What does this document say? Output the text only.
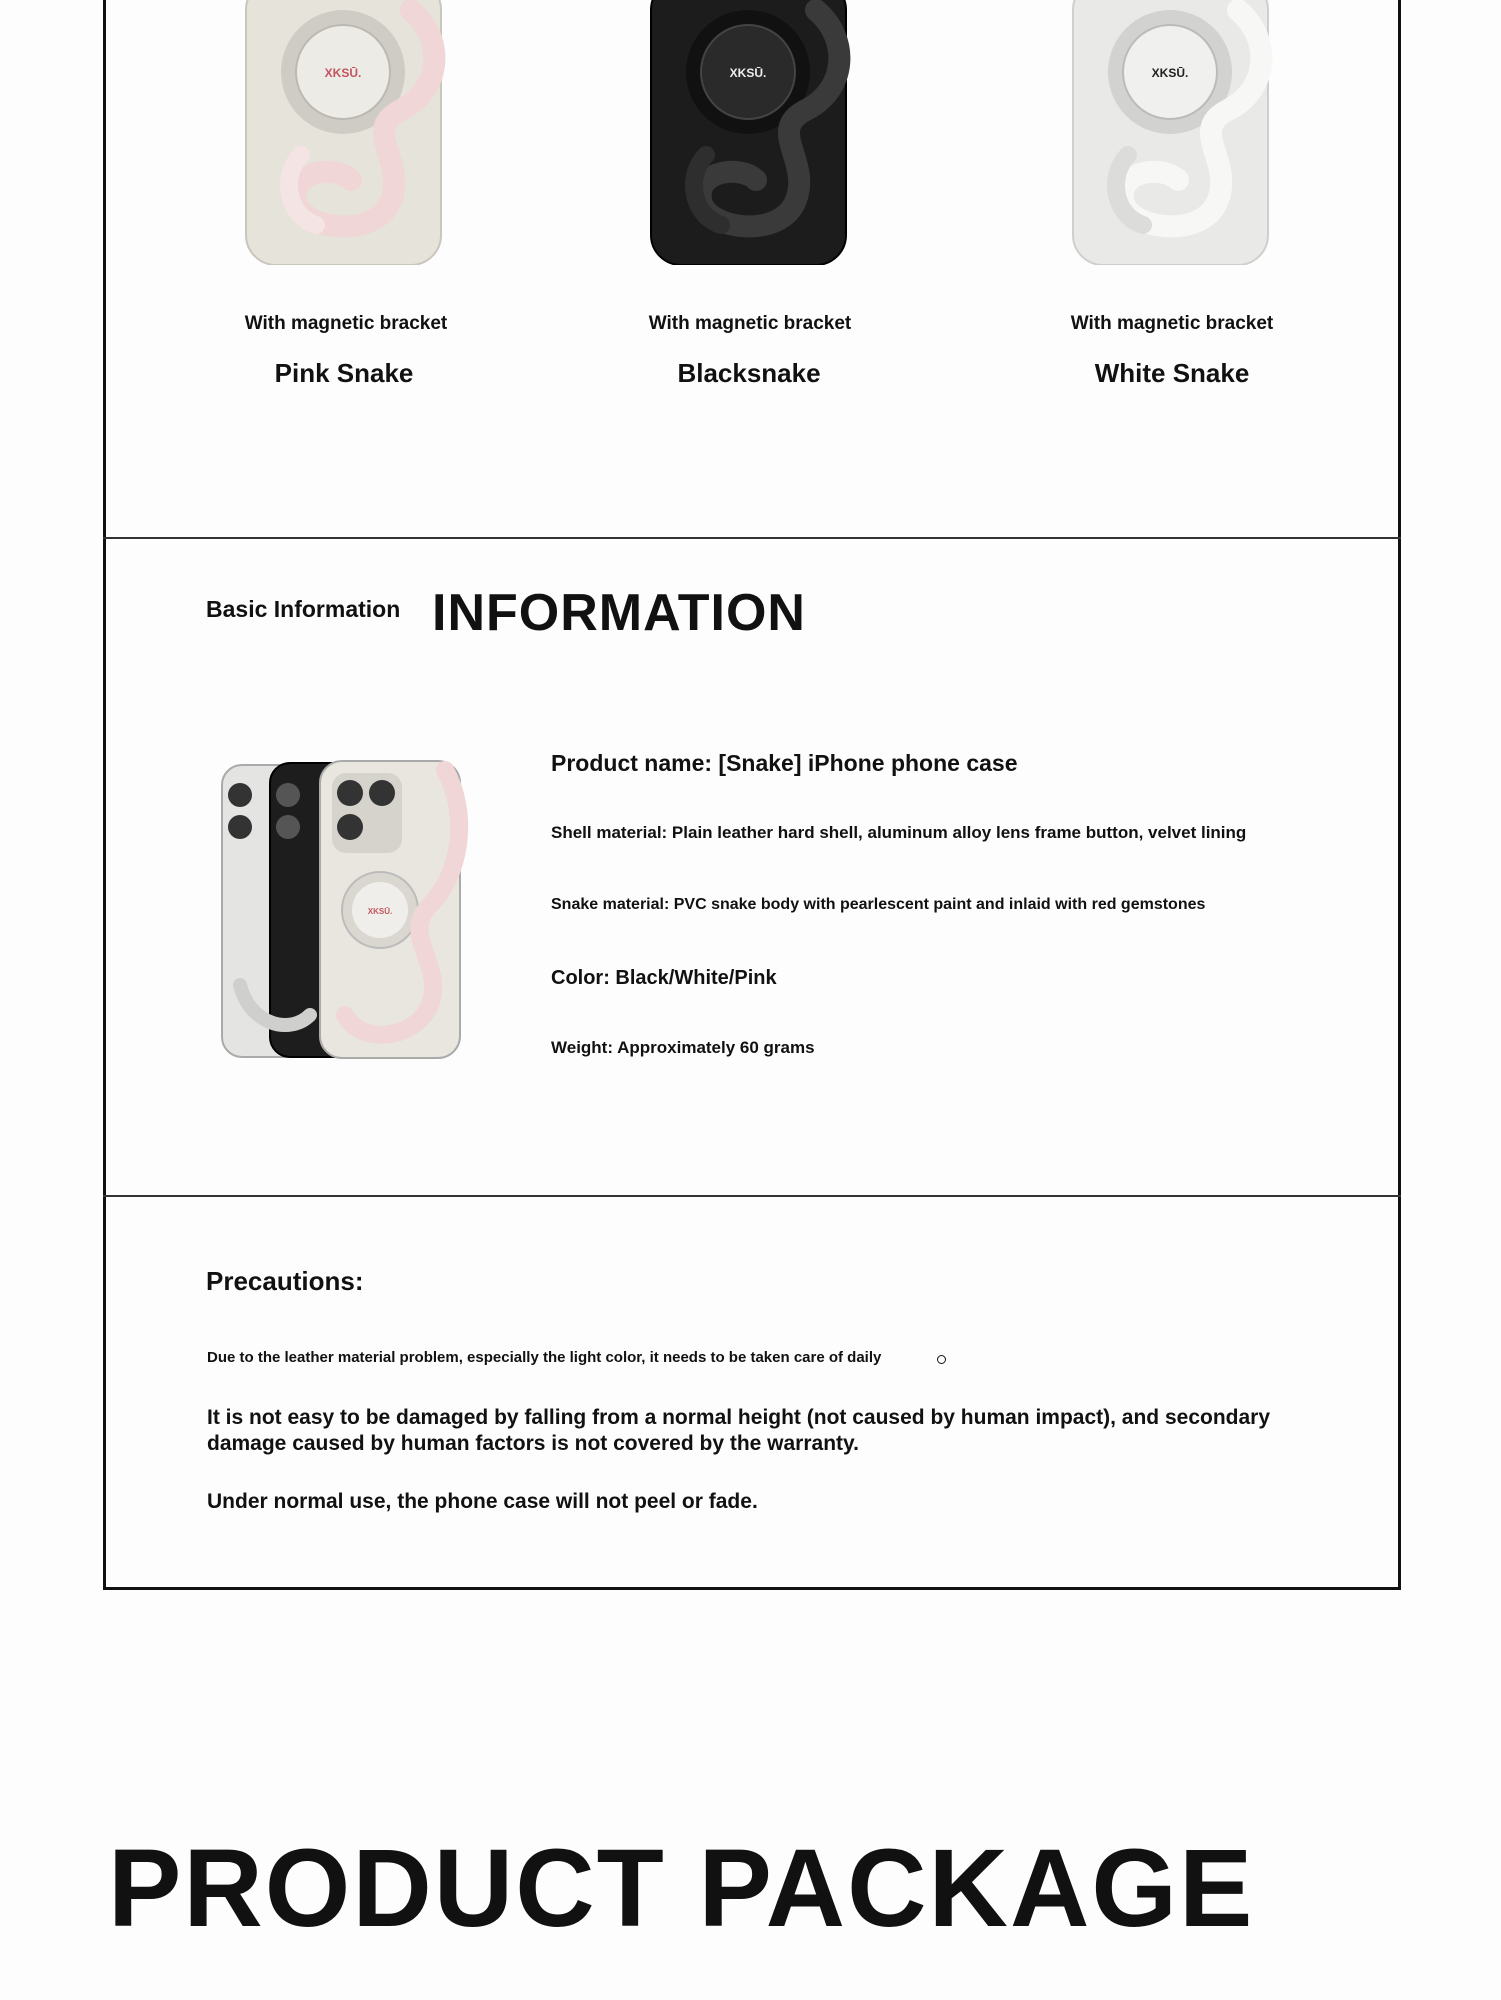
XKSŪ.	XKSŪ.	XKSŪ.
With magnetic bracket
Pink Snake
With magnetic bracket
Blacksnake
With magnetic bracket
White Snake
Basic Information INFORMATION
XKSŪ.
Product name: [Snake] iPhone phone case
Shell material: Plain leather hard shell, aluminum alloy lens frame button, velvet lining
Snake material: PVC snake body with pearlescent paint and inlaid with red gemstones
Color: Black/White/Pink
Weight: Approximately 60 grams
Precautions:
Due to the leather material problem, especially the light color, it needs to be taken care of daily
It is not easy to be damaged by falling from a normal height (not caused by human impact), and secondary damage caused by human factors is not covered by the warranty.
Under normal use, the phone case will not peel or fade.
PRODUCT PACKAGE
